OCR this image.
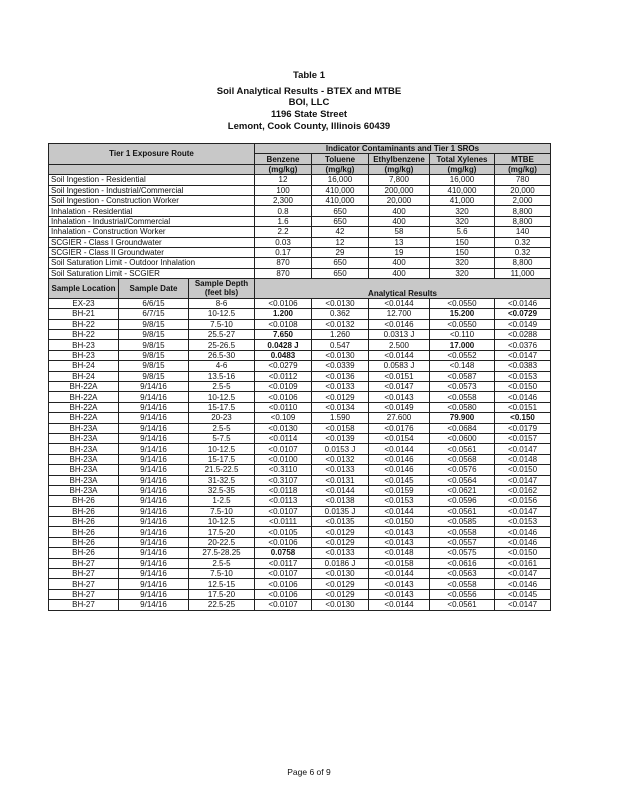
Table 1
Soil Analytical Results - BTEX and MTBE
BOI, LLC
1196 State Street
Lemont, Cook County, Illinois 60439
Tier 1 Exposure Route			Indicator Contaminants and Tier 1 SROs				
			Benzene	Toluene	Ethylbenzene	Total Xylenes	MTBE
			(mg/kg)	(mg/kg)	(mg/kg)	(mg/kg)	(mg/kg)
Soil Ingestion - Residential			12	16,000	7,800	16,000	780
Soil Ingestion - Industrial/Commercial			100	410,000	200,000	410,000	20,000
Soil Ingestion - Construction Worker			2,300	410,000	20,000	41,000	2,000
Inhalation - Residential			0.8	650	400	320	8,800
Inhalation - Industrial/Commercial			1.6	650	400	320	8,800
Inhalation - Construction Worker			2.2	42	58	5.6	140
SCGIER - Class I Groundwater			0.03	12	13	150	0.32
SCGIER - Class II Groundwater			0.17	29	19	150	0.32
Soil Saturation Limit - Outdoor Inhalation			870	650	400	320	8,800
Soil Saturation Limit - SCGIER			870	650	400	320	11,000
Sample Location	Sample Date	Sample Depth (feet bls)					
			Analytical Results				
EX-23	6/6/15	8-6	<0.0106	<0.0130	<0.0144	<0.0550	<0.0146
BH-21	6/7/15	10-12.5	1.200	0.362	12.700	15.200	<0.0729
BH-22	9/8/15	7.5-10	<0.0108	<0.0132	<0.0146	<0.0550	<0.0149
BH-22	9/8/15	25.5-27	7.650	1.260	0.0313 J	<0.110	<0.0288
BH-23	9/8/15	25-26.5	0.0428 J	0.547	2.500	17.000	<0.0376
BH-23	9/8/15	26.5-30	0.0483	<0.0130	<0.0144	<0.0552	<0.0147
BH-24	9/8/15	4-6	<0.0279	<0.0339	0.0583 J	<0.148	<0.0383
BH-24	9/8/15	13.5-16	<0.0112	<0.0136	<0.0151	<0.0587	<0.0153
BH-22A	9/14/16	2.5-5	<0.0109	<0.0133	<0.0147	<0.0573	<0.0150
BH-22A	9/14/16	10-12.5	<0.0106	<0.0129	<0.0143	<0.0558	<0.0146
BH-22A	9/14/16	15-17.5	<0.0110	<0.0134	<0.0149	<0.0580	<0.0151
BH-22A	9/14/16	20-23	<0.109	1.590	27.600	79.900	<0.150
BH-23A	9/14/16	2.5-5	<0.0130	<0.0158	<0.0176	<0.0684	<0.0179
BH-23A	9/14/16	5-7.5	<0.0114	<0.0139	<0.0154	<0.0600	<0.0157
BH-23A	9/14/16	10-12.5	<0.0107	0.0153 J	<0.0144	<0.0561	<0.0147
BH-23A	9/14/16	15-17.5	<0.0100	<0.0132	<0.0146	<0.0568	<0.0148
BH-23A	9/14/16	21.5-22.5	<0.3110	<0.0133	<0.0146	<0.0576	<0.0150
BH-23A	9/14/16	31-32.5	<0.3107	<0.0131	<0.0145	<0.0564	<0.0147
BH-23A	9/14/16	32.5-35	<0.0118	<0.0144	<0.0159	<0.0621	<0.0162
BH-26	9/14/16	1-2.5	<0.0113	<0.0138	<0.0153	<0.0596	<0.0156
BH-26	9/14/16	7.5-10	<0.0107	0.0135 J	<0.0144	<0.0561	<0.0147
BH-26	9/14/16	10-12.5	<0.0111	<0.0135	<0.0150	<0.0585	<0.0153
BH-26	9/14/16	17.5-20	<0.0105	<0.0129	<0.0143	<0.0558	<0.0146
BH-26	9/14/16	20-22.5	<0.0106	<0.0129	<0.0143	<0.0557	<0.0146
BH-26	9/14/16	27.5-28.25	0.0758	<0.0133	<0.0148	<0.0575	<0.0150
BH-27	9/14/16	2.5-5	<0.0117	0.0186 J	<0.0158	<0.0616	<0.0161
BH-27	9/14/16	7.5-10	<0.0107	<0.0130	<0.0144	<0.0563	<0.0147
BH-27	9/14/16	12.5-15	<0.0106	<0.0129	<0.0143	<0.0558	<0.0146
BH-27	9/14/16	17.5-20	<0.0106	<0.0129	<0.0143	<0.0556	<0.0145
BH-27	9/14/16	22.5-25	<0.0107	<0.0130	<0.0144	<0.0561	<0.0147
Page 6 of 9
